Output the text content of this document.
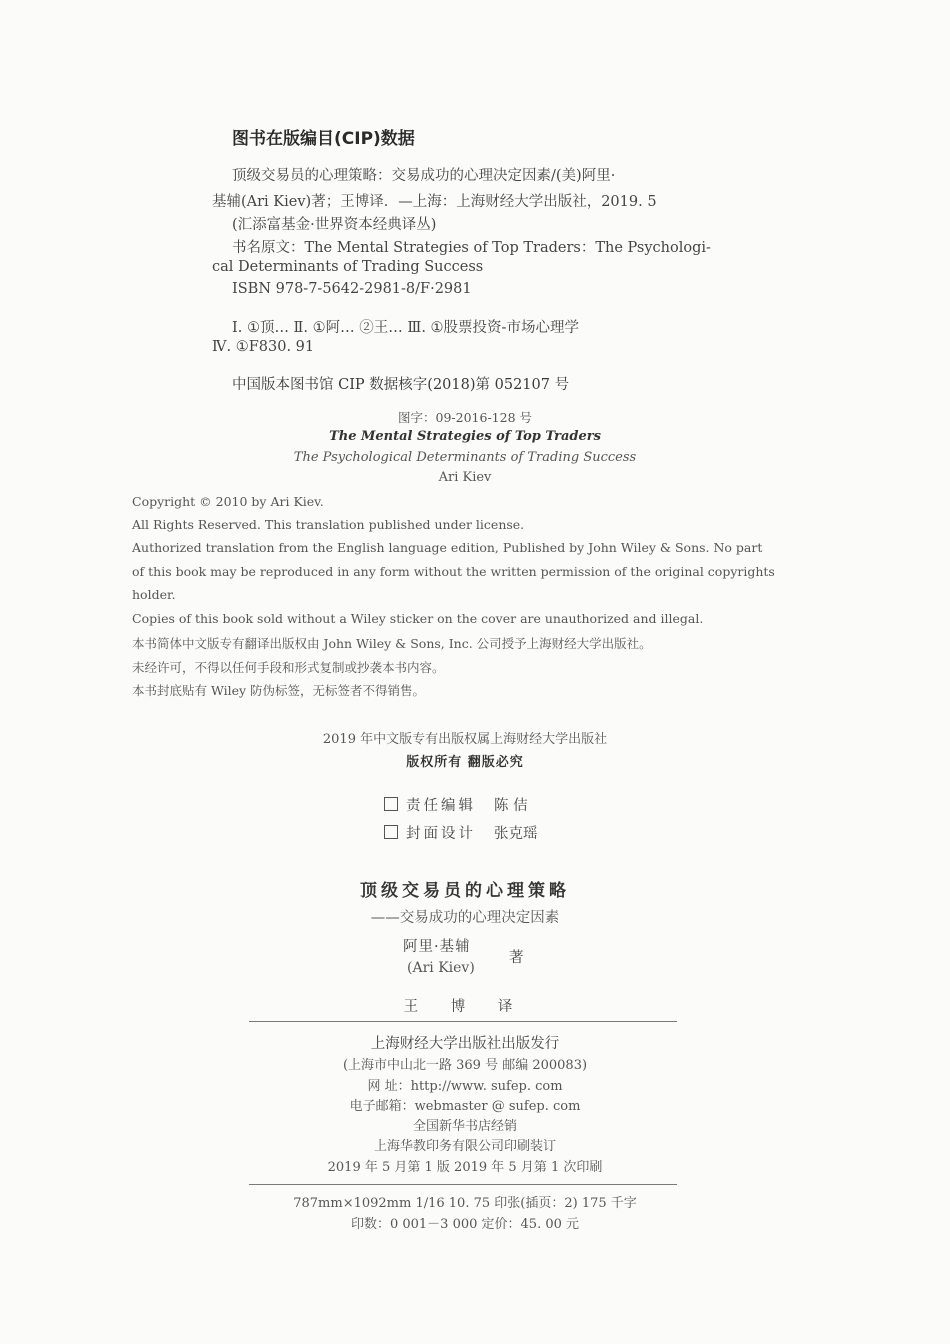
图书在版编目(CIP)数据
顶级交易员的心理策略：交易成功的心理决定因素/(美)阿里·
基辅(Ari Kiev)著；王博译．—上海：上海财经大学出版社，2019. 5
(汇添富基金·世界资本经典译丛)
书名原文：The Mental Strategies of Top Traders：The Psychologi-
cal Determinants of Trading Success
ISBN 978-7-5642-2981-8/F·2981
Ⅰ. ①顶… Ⅱ. ①阿… ②王… Ⅲ. ①股票投资-市场心理学
Ⅳ. ①F830. 91
中国版本图书馆 CIP 数据核字(2018)第 052107 号
图字：09-2016-128 号
The Mental Strategies of Top Traders
The Psychological Determinants of Trading Success
Ari Kiev
Copyright © 2010 by Ari Kiev.
All Rights Reserved. This translation published under license.
Authorized translation from the English language edition, Published by John Wiley & Sons. No part
of this book may be reproduced in any form without the written permission of the original copyrights
holder.
Copies of this book sold without a Wiley sticker on the cover are unauthorized and illegal.
本书简体中文版专有翻译出版权由 John Wiley & Sons, Inc. 公司授予上海财经大学出版社。
未经许可，不得以任何手段和形式复制或抄袭本书内容。
本书封底贴有 Wiley 防伪标签，无标签者不得销售。
2019 年中文版专有出版权属上海财经大学出版社
版权所有 翻版必究
责任编辑 陈 佶
封面设计 张克瑶
顶级交易员的心理策略
——交易成功的心理决定因素
阿里·基辅
(Ari Kiev)
著
王 博 译
上海财经大学出版社出版发行
(上海市中山北一路 369 号 邮编 200083)
网 址：http://www. sufep. com
电子邮箱：webmaster @ sufep. com
全国新华书店经销
上海华教印务有限公司印刷装订
2019 年 5 月第 1 版 2019 年 5 月第 1 次印刷
787mm×1092mm 1/16 10. 75 印张(插页：2) 175 千字
印数：0 001－3 000 定价：45. 00 元
